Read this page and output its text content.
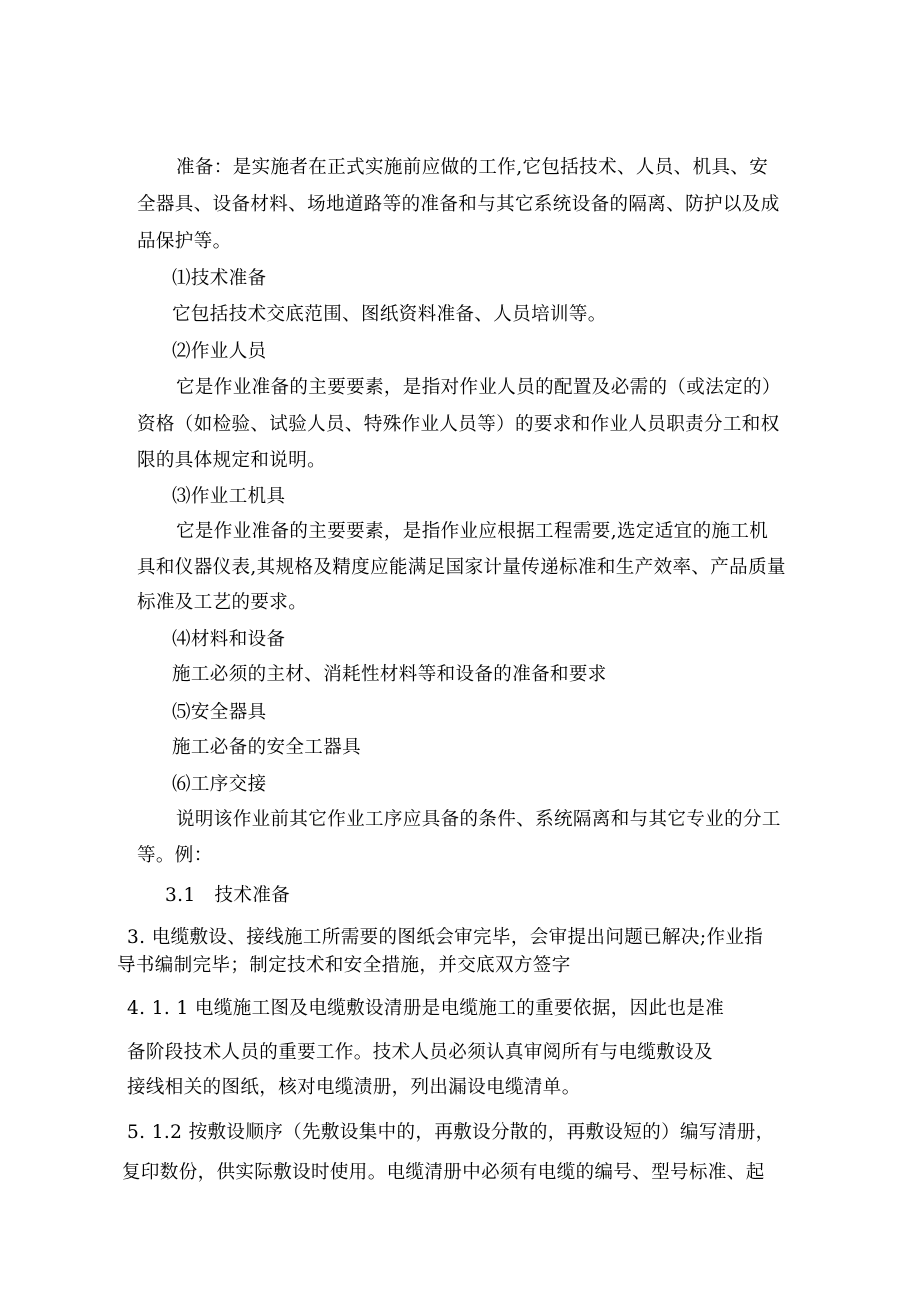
准备：是实施者在正式实施前应做的工作,它包括技术、人员、机具、安
全器具、设备材料、场地道路等的准备和与其它系统设备的隔离、防护以及成
品保护等。
⑴技术准备
它包括技术交底范围、图纸资料准备、人员培训等。
⑵作业人员
它是作业准备的主要要素，是指对作业人员的配置及必需的（或法定的）
资格（如检验、试验人员、特殊作业人员等）的要求和作业人员职责分工和权
限的具体规定和说明。
⑶作业工机具
它是作业准备的主要要素，是指作业应根据工程需要,选定适宜的施工机
具和仪器仪表,其规格及精度应能满足国家计量传递标准和生产效率、产品质量
标准及工艺的要求。
⑷材料和设备
施工必须的主材、消耗性材料等和设备的准备和要求
⑸安全器具
施工必备的安全工器具
⑹工序交接
说明该作业前其它作业工序应具备的条件、系统隔离和与其它专业的分工
等。例：
3.1　技术准备
3. 电缆敷设、接线施工所需要的图纸会审完毕，会审提出问题已解决;作业指
导书编制完毕；制定技术和安全措施，并交底双方签字
4. 1. 1 电缆施工图及电缆敷设清册是电缆施工的重要依据，因此也是准
备阶段技术人员的重要工作。技术人员必须认真审阅所有与电缆敷设及
接线相关的图纸，核对电缆渍册，列出漏设电缆清单。
5. 1.2 按敷设顺序（先敷设集中的，再敷设分散的，再敷设短的）编写清册，
复印数份，供实际敷设时使用。电缆清册中必须有电缆的编号、型号标准、起
